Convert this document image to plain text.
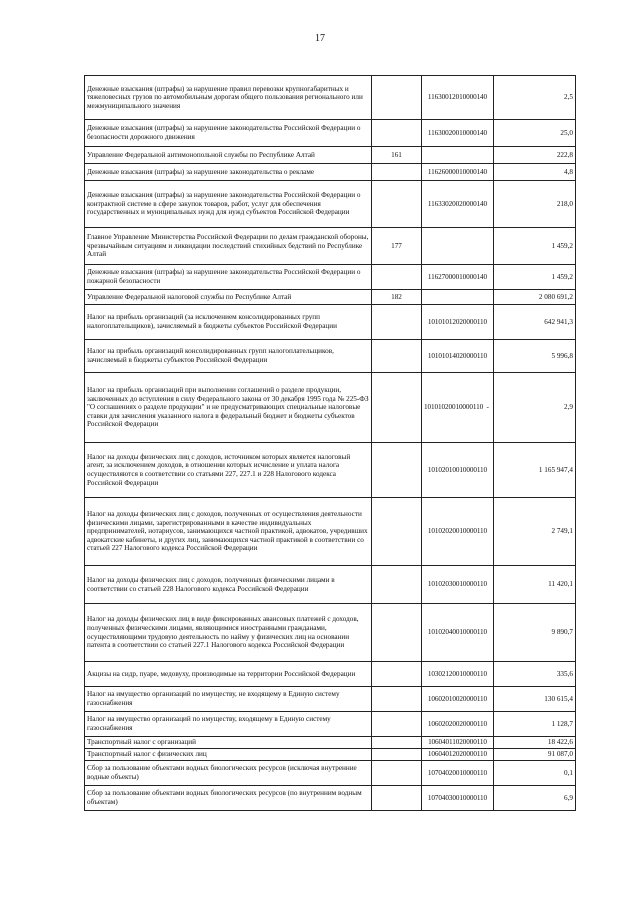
17
Денежные взыскания (штрафы) за нарушение правил перевозки крупногабаритных и тяжеловесных грузов по автомобильным дорогам общего пользования регионального или межмуниципального значения		11630012010000140	2,5
Денежные взыскания (штрафы) за нарушение законодательства Российской Федерации о безопасности дорожного движения		11630020010000140	25,0
Управление Федеральной антимонопольной службы по Республике Алтай	161		222,8
Денежные взыскания (штрафы) за нарушение законодательства о рекламе		11626000010000140	4,8
Денежные взыскания (штрафы) за нарушение законодательства Российской Федерации о контрактной системе в сфере закупок товаров, работ, услуг для обеспечения государственных и муниципальных нужд для нужд субъектов Российской Федерации		11633020020000140	218,0
Главное Управление Министерства Российской Федерации по делам гражданской обороны, чрезвычайным ситуациям и ликвидации последствий стихийных бедствий по Республике Алтай	177		1 459,2
Денежные взыскания (штрафы) за нарушение законодательства Российской Федерации о пожарной безопасности		11627000010000140	1 459,2
Управление Федеральной налоговой службы по Республике Алтай	182		2 080 691,2
Налог на прибыль организаций (за исключением консолидированных групп налогоплательщиков), зачисляемый в бюджеты субъектов Российской Федерации		10101012020000110	642 941,3
Налог на прибыль организаций консолидированных групп налогоплательщиков, зачисляемый в бюджеты субъектов Российской Федерации		10101014020000110	5 996,8
Налог на прибыль организаций при выполнении соглашений о разделе продукции, заключенных до вступления в силу Федерального закона от 30 декабря 1995 года № 225-ФЗ "О соглашениях о разделе продукции" и не предусматривающих специальные налоговые ставки для зачисления указанного налога в федеральный бюджет и бюджеты субъектов Российской Федерации		10101020010000110 -	2,9
Налог на доходы физических лиц с доходов, источником которых является налоговый агент, за исключением доходов, в отношении которых исчисление и уплата налога осуществляются в соответствии со статьями 227, 227.1 и 228 Налогового кодекса Российской Федерации		10102010010000110	1 165 947,4
Налог на доходы физических лиц с доходов, полученных от осуществления деятельности физическими лицами, зарегистрированными в качестве индивидуальных предпринимателей, нотариусов, занимающихся частной практикой, адвокатов, учредивших адвокатские кабинеты, и других лиц, занимающихся частной практикой в соответствии со статьей 227 Налогового кодекса Российской Федерации		10102020010000110	2 749,1
Налог на доходы физических лиц с доходов, полученных физическими лицами в соответствии со статьей 228 Налогового кодекса Российской Федерации		10102030010000110	11 420,1
Налог на доходы физических лиц в виде фиксированных авансовых платежей с доходов, полученных физическими лицами, являющимися иностранными гражданами, осуществляющими трудовую деятельность по найму у физических лиц на основании патента в соответствии со статьей 227.1 Налогового кодекса Российской Федерации		10102040010000110	9 890,7
Акцизы на сидр, пуаре, медовуху, производимые на территории Российской Федерации		10302120010000110	335,6
Налог на имущество организаций по имуществу, не входящему в Единую систему газоснабжения		10602010020000110	130 615,4
Налог на имущество организаций по имуществу, входящему в Единую систему газоснабжения		10602020020000110	1 128,7
Транспортный налог с организаций		10604011020000110	18 422,6
Транспортный налог с физических лиц		10604012020000110	91 087,0
Сбор за пользование объектами водных биологических ресурсов (исключая внутренние водные объекты)		10704020010000110	0,1
Сбор за пользование объектами водных биологических ресурсов (по внутренним водным объектам)		10704030010000110	6,9
